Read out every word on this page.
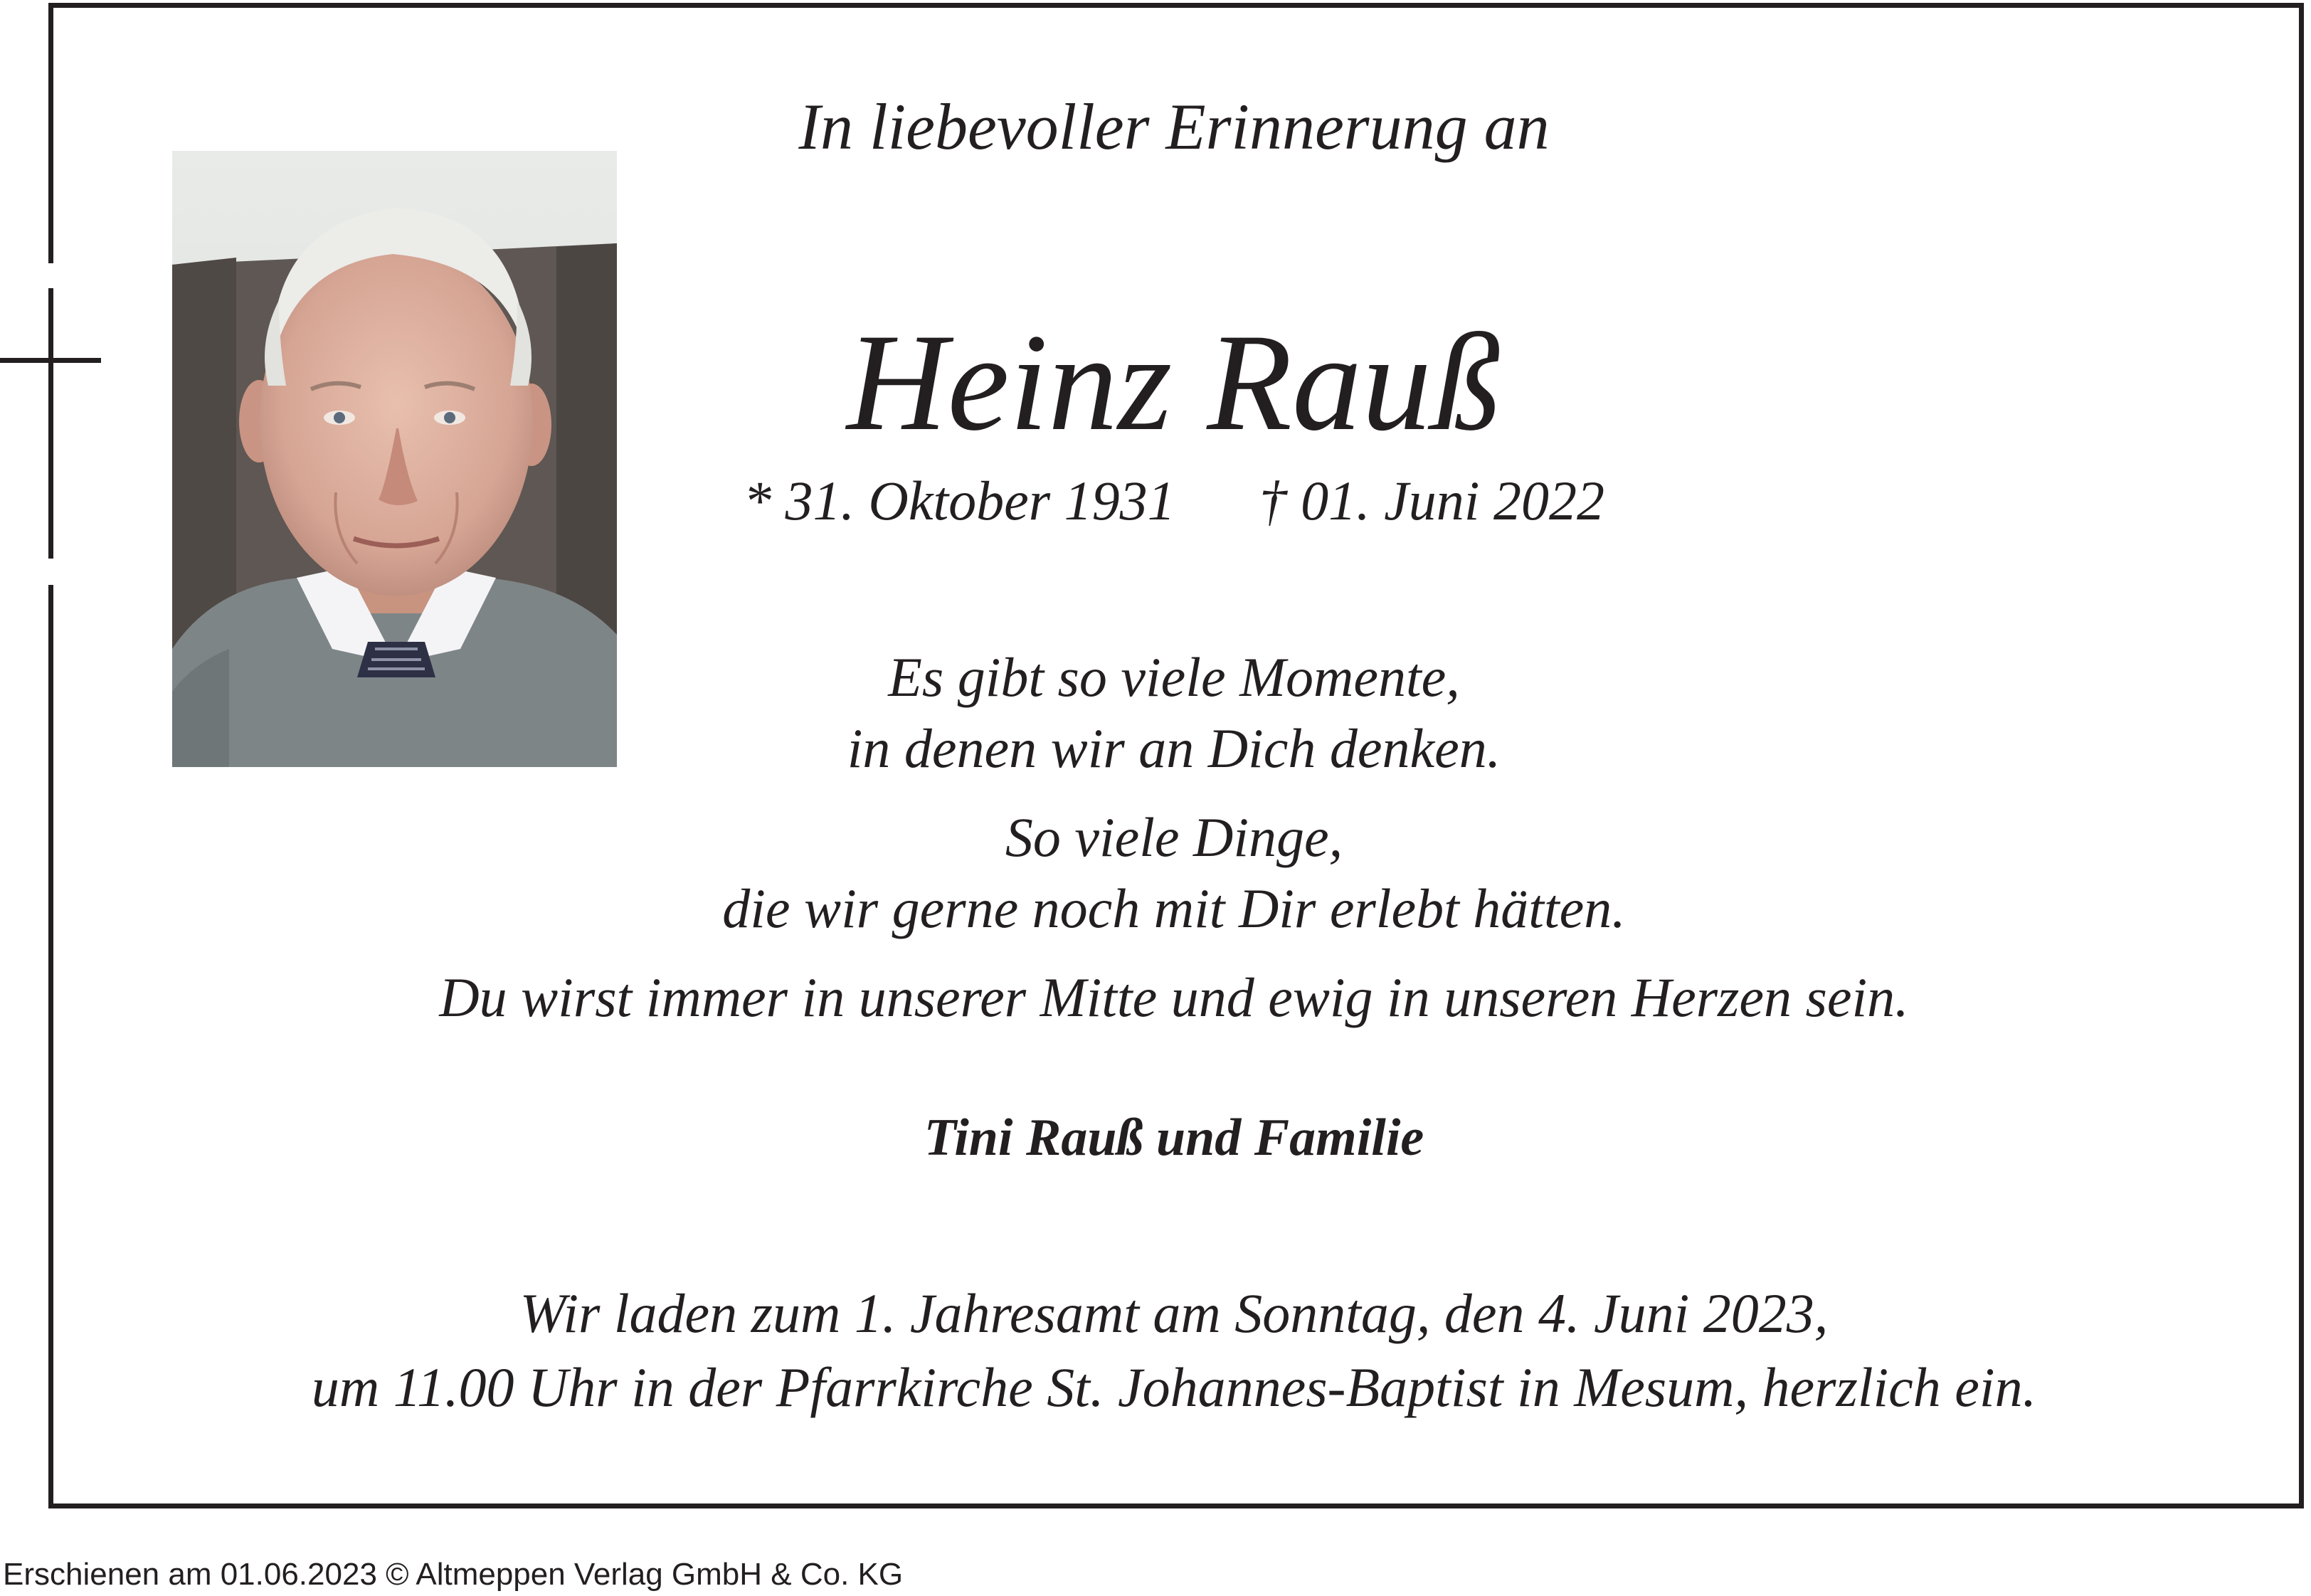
In liebevoller Erinnerung an
Heinz Rauß
* 31. Oktober 1931 † 01. Juni 2022
Es gibt so viele Momente,
in denen wir an Dich denken.
So viele Dinge,
die wir gerne noch mit Dir erlebt hätten.
Du wirst immer in unserer Mitte und ewig in unseren Herzen sein.
Tini Rauß und Familie
Wir laden zum 1. Jahresamt am Sonntag, den 4. Juni 2023,
um 11.00 Uhr in der Pfarrkirche St. Johannes-Baptist in Mesum, herzlich ein.
Erschienen am 01.06.2023 © Altmeppen Verlag GmbH & Co. KG
